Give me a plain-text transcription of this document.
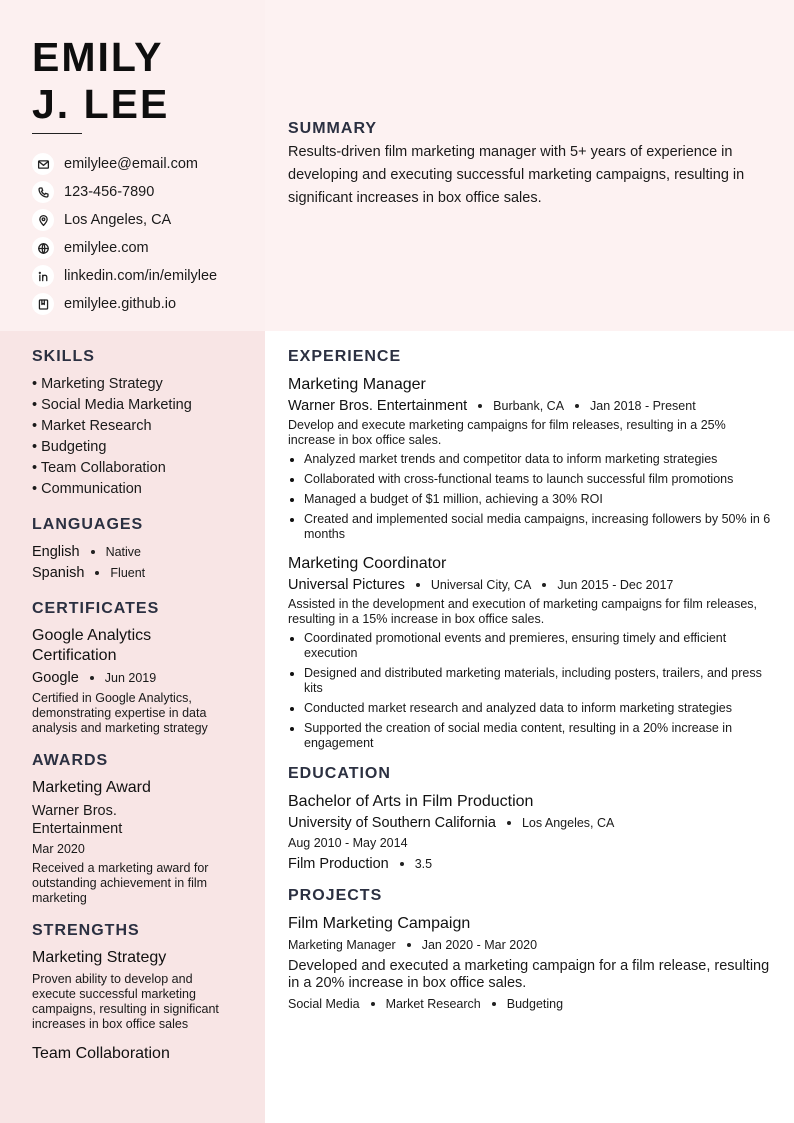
EMILY
J. LEE
emilylee@email.com
123-456-7890
Los Angeles, CA
emilylee.com
linkedin.com/in/emilylee
emilylee.github.io
SUMMARY

Results-driven film marketing manager with 5+ years of experience in developing and executing successful marketing campaigns, resulting in significant increases in box office sales.

SKILLS
• Marketing Strategy
• Social Media Marketing
• Market Research
• Budgeting
• Team Collaboration
• Communication
LANGUAGES
English Native
Spanish Fluent
CERTIFICATES
Google Analytics Certification
Google Jun 2019
Certified in Google Analytics, demonstrating expertise in data analysis and marketing strategy
AWARDS
Marketing Award
Warner Bros. Entertainment
Mar 2020
Received a marketing award for outstanding achievement in film marketing
STRENGTHS
Marketing Strategy
Proven ability to develop and execute successful marketing campaigns, resulting in significant increases in box office sales
Team Collaboration
EXPERIENCE
Marketing Manager
Warner Bros. Entertainment Burbank, CA Jan 2018 - Present
Develop and execute marketing campaigns for film releases, resulting in a 25% increase in box office sales.
Analyzed market trends and competitor data to inform marketing strategies
Collaborated with cross-functional teams to launch successful film promotions
Managed a budget of $1 million, achieving a 30% ROI
Created and implemented social media campaigns, increasing followers by 50% in 6 months
Marketing Coordinator
Universal Pictures Universal City, CA Jun 2015 - Dec 2017
Assisted in the development and execution of marketing campaigns for film releases, resulting in a 15% increase in box office sales.
Coordinated promotional events and premieres, ensuring timely and efficient execution
Designed and distributed marketing materials, including posters, trailers, and press kits
Conducted market research and analyzed data to inform marketing strategies
Supported the creation of social media content, resulting in a 20% increase in engagement
EDUCATION
Bachelor of Arts in Film Production
University of Southern California Los Angeles, CA
Aug 2010 - May 2014
Film Production 3.5
PROJECTS
Film Marketing Campaign
Marketing Manager Jan 2020 - Mar 2020
Developed and executed a marketing campaign for a film release, resulting in a 20% increase in box office sales.
Social Media Market Research Budgeting
